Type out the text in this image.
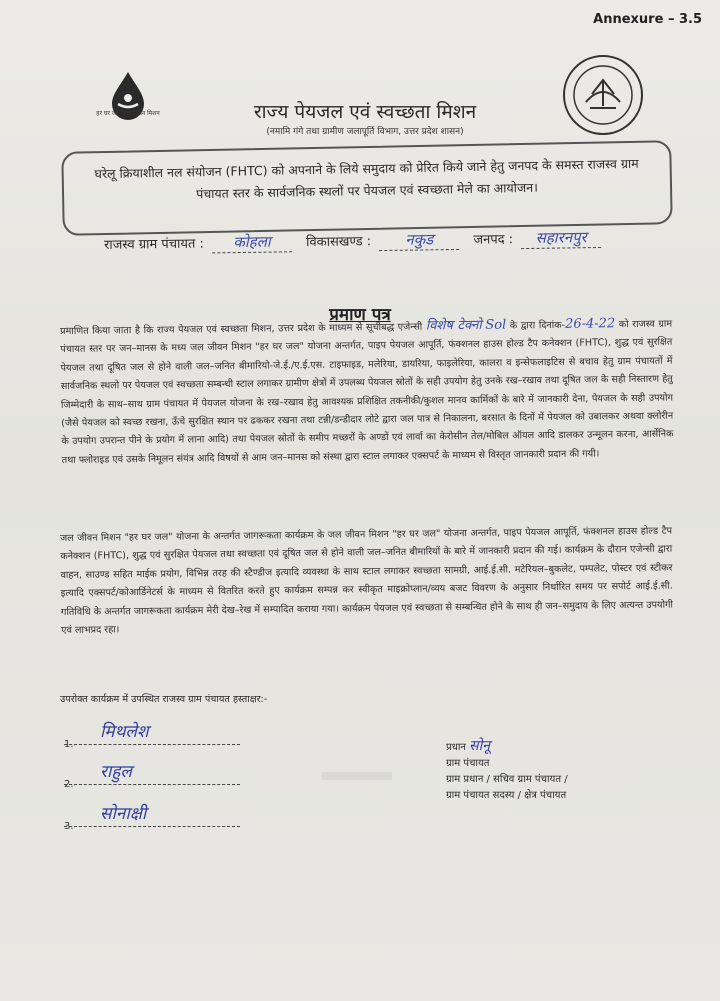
Annexure – 3.5
हर घर जल जल जीवन मिशन	राज्य पेयजल एवं स्वच्छता मिशन
(नमामि गंगे तथा ग्रामीण जलापूर्ति विभाग, उत्तर प्रदेश शासन)
घरेलू क्रियाशील नल संयोजन (FHTC) को अपनाने के लिये समुदाय को प्रेरित किये जाने हेतु जनपद के समस्त राजस्व ग्राम पंचायत स्तर के सार्वजनिक स्थलों पर पेयजल एवं स्वच्छता मेले का आयोजन।
राजस्व ग्राम पंचायत : कोहला	विकासखण्ड : नकुड	जनपद : सहारनपुर
प्रमाण पत्र
प्रमाणित किया जाता है कि राज्य पेयजल एवं स्वच्छता मिशन, उत्तर प्रदेश के माध्यम से सूचीबद्ध एजेन्सी विशेष टेक्नो Sol के द्वारा दिनांक-26-4-22 को राजस्व ग्राम पंचायत स्तर पर जन–मानस के मध्य जल जीवन मिशन "हर घर जल" योजना अन्तर्गत, पाइप पेयजल आपूर्ति, फंक्शनल हाउस होल्ड टैप कनेक्शन (FHTC), शुद्ध एवं सुरक्षित पेयजल तथा दूषित जल से होने वाली जल–जनित बीमारियो-जे.ई./ए.ई.एस. टाइफाइड, मलेरिया, डायरिया, फाइलेरिया, कालरा व इन्सेफलाइटिस से बचाव हेतु ग्राम पंचायतों में सार्वजनिक स्थलो पर पेयजल एवं स्वच्छता सम्बन्धी स्टाल लगाकर ग्रामीण क्षेत्रों में उपलब्ध पेयजल स्रोतों के सही उपयोग हेतु उनके रख–रखाव तथा दूषित जल के सही निस्तारण हेतु जिम्मेदारी के साथ–साथ ग्राम पंचायत में पेयजल योजना के रख–रखाव हेतु आवश्यक प्रशिक्षित तकनीकी/कुशल मानव कार्मिकों के बारे में जानकारी देना, पेयजल के सही उपयोग (जैसे पेयजल को स्वच्छ रखना, ऊँचे सुरक्षित स्थान पर ढककर रखना तथा टन्नी/डन्डीदार लोटे द्वारा जल पात्र से निकालना, बरसात के दिनों में पेयजल को उबालकर अथवा क्लोरीन के उपयोग उपरान्त पीने के प्रयोग में लाना आदि) तथा पेयजल स्रोतों के समीप मच्छरों के अण्डों एवं लार्वा का केरोसीन तेल/मोबिल ऑयल आदि डालकर उन्मूलन करना, आर्सेनिक तथा फ्लोराइड एवं उसके निमूलन संयंत्र आदि विषयों से आम जन–मानस को संस्था द्वारा स्टाल लगाकर एक्सपर्ट के माध्यम से विस्तृत जानकारी प्रदान की गयी।
जल जीवन मिशन "हर घर जल" योजना के अन्तर्गत जागरूकता कार्यक्रम के जल जीवन मिशन "हर घर जल" योजना अन्तर्गत, पाइप पेयजल आपूर्ति, फंक्शनल हाउस होल्ड टैप कनेक्शन (FHTC), शुद्ध एवं सुरक्षित पेयजल तथा स्वच्छता एवं दूषित जल से होने वाली जल–जनित बीमारियों के बारे में जानकारी प्रदान की गई। कार्यक्रम के दौरान एजेन्सी द्वारा वाहन, साउण्ड सहित माईक प्रयोग, विभिन्न तरह की स्टैण्डीज इत्यादि व्यवस्था के साथ स्टाल लगाकर स्वच्छता सामग्री, आई.ई.सी. मटेरियल–बुकलेट, पम्पलेट, पोस्टर एवं स्टीकर इत्यादि एक्सपर्ट/कोआर्डिनेटर्स के माध्यम से वितरित करते हुए कार्यक्रम सम्पन्न कर स्वीकृत माइक्रोप्लान/व्यय बजट विवरण के अनुसार निर्धारित समय पर सपोर्ट आई.ई.सी. गतिविधि के अन्तर्गत जागरूकता कार्यक्रम मेरी देख–रेख में सम्पादित कराया गया। कार्यक्रम पेयजल एवं स्वच्छता से सम्बन्धित होने के साथ ही जन–समुदाय के लिए अत्यन्त उपयोगी एवं लाभप्रद रहा।
उपरोक्त कार्यक्रम में उपस्थित राजस्व ग्राम पंचायत हस्ताक्षर:-
1.
मिथलेश
2.
राहुल
3.
सोनाक्षी
प्रधान सोनू
ग्राम पंचायत
ग्राम प्रधान / सचिव ग्राम पंचायत /
ग्राम पंचायत सदस्य / क्षेत्र पंचायत
